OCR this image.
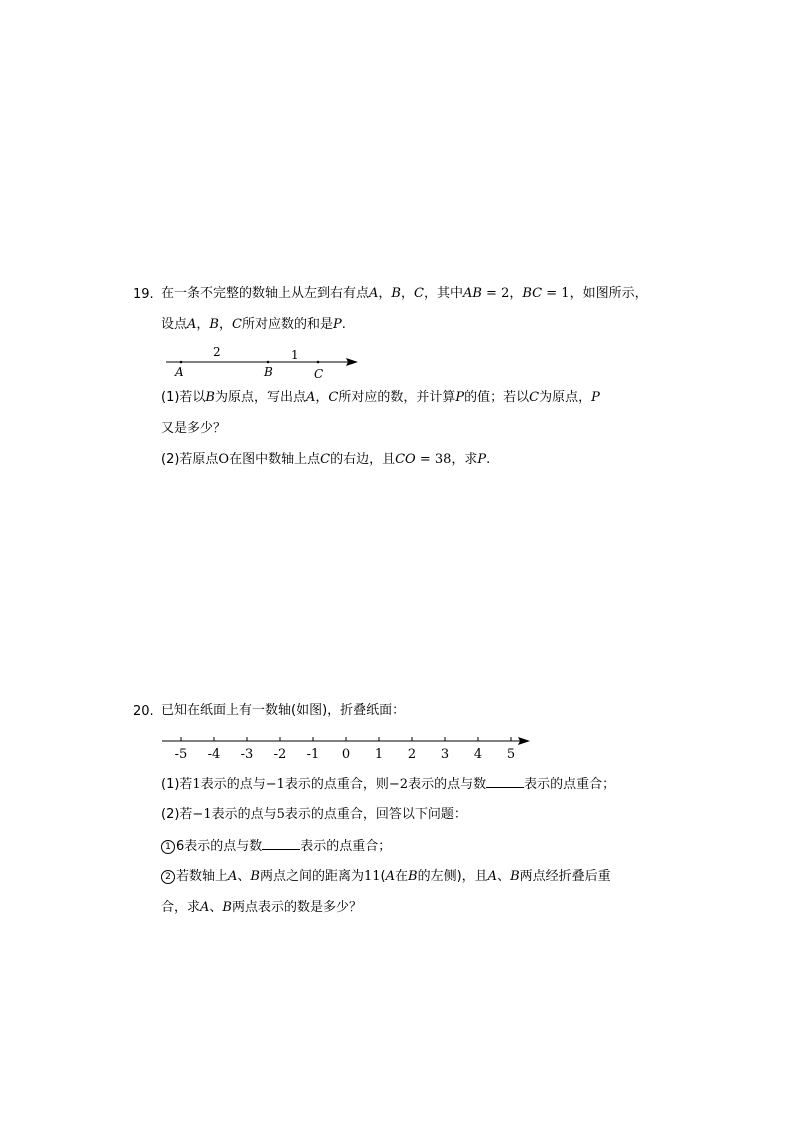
19. 在一条不完整的数轴上从左到右有点A，B，C，其中AB = 2，BC = 1，如图所示，
设点A，B，C所对应数的和是P.
2	1
A	B	C
(1)若以B为原点，写出点A，C所对应的数，并计算P的值；若以C为原点，P
又是多少？
(2)若原点O在图中数轴上点C的右边，且CO = 38，求P.
20. 已知在纸面上有一数轴(如图)，折叠纸面：
-5 -4 -3 -2 -1 0 1 2 3 4 5
(1)若1表示的点与−1表示的点重合，则−2表示的点与数	表示的点重合；
(2)若−1表示的点与5表示的点重合，回答以下问题：
1 6表示的点与数	表示的点重合；
2 若数轴上A、B两点之间的距离为11(A在B的左侧)，且A、B两点经折叠后重
合，求A、B两点表示的数是多少？
